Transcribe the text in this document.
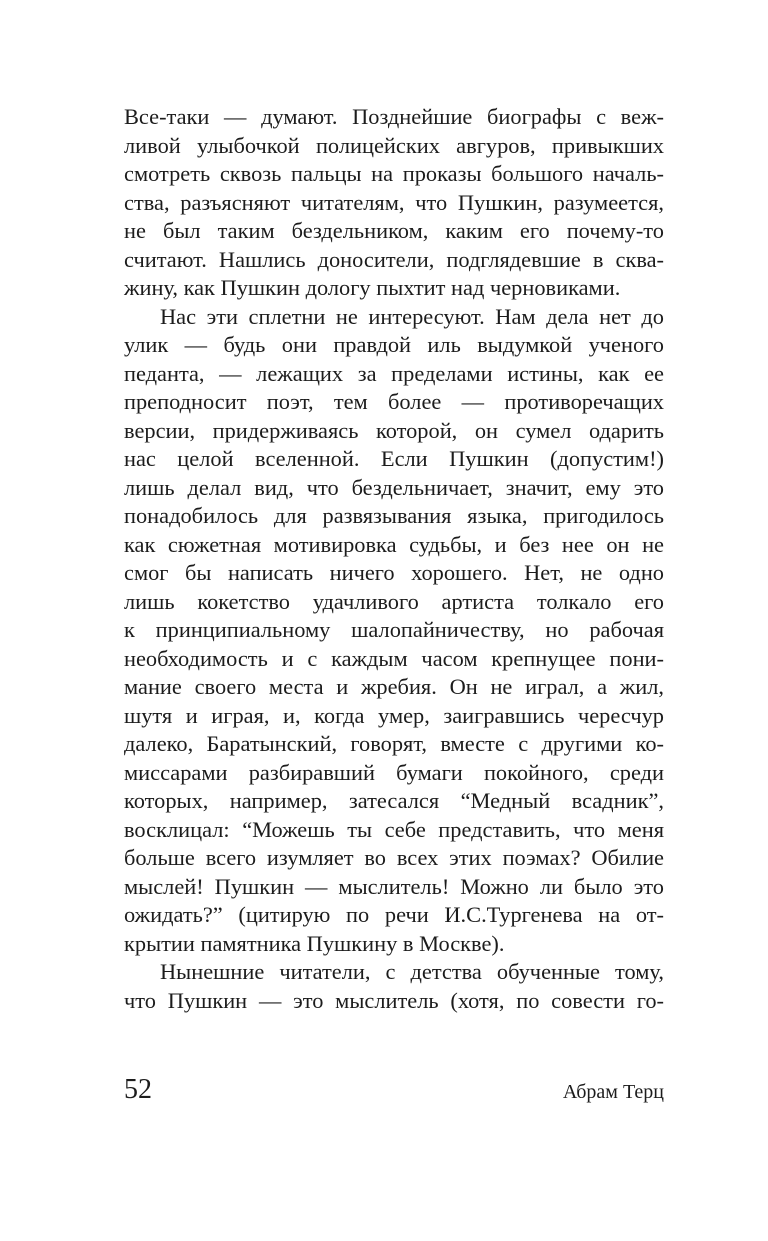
Все-таки — думают. Позднейшие биографы с веж-
ливой улыбочкой полицейских авгуров, привыкших
смотреть сквозь пальцы на проказы большого началь-
ства, разъясняют читателям, что Пушкин, разумеется,
не был таким бездельником, каким его почему-то
считают. Нашлись доносители, подглядевшие в сква-
жину, как Пушкин дологу пыхтит над черновиками.
Нас эти сплетни не интересуют. Нам дела нет до
улик — будь они правдой иль выдумкой ученого
педанта, — лежащих за пределами истины, как ее
преподносит поэт, тем более — противоречащих
версии, придерживаясь которой, он сумел одарить
нас целой вселенной. Если Пушкин (допустим!)
лишь делал вид, что бездельничает, значит, ему это
понадобилось для развязывания языка, пригодилось
как сюжетная мотивировка судьбы, и без нее он не
смог бы написать ничего хорошего. Нет, не одно
лишь кокетство удачливого артиста толкало его
к принципиальному шалопайничеству, но рабочая
необходимость и с каждым часом крепнущее пони-
мание своего места и жребия. Он не играл, а жил,
шутя и играя, и, когда умер, заигравшись чересчур
далеко, Баратынский, говорят, вместе с другими ко-
миссарами разбиравший бумаги покойного, среди
которых, например, затесался “Медный всадник”,
восклицал: “Можешь ты себе представить, что меня
больше всего изумляет во всех этих поэмах? Обилие
мыслей! Пушкин — мыслитель! Можно ли было это
ожидать?” (цитирую по речи И.С.Тургенева на от-
крытии памятника Пушкину в Москве).
Нынешние читатели, с детства обученные тому,
что Пушкин — это мыслитель (хотя, по совести го-
52	Абрам Терц
